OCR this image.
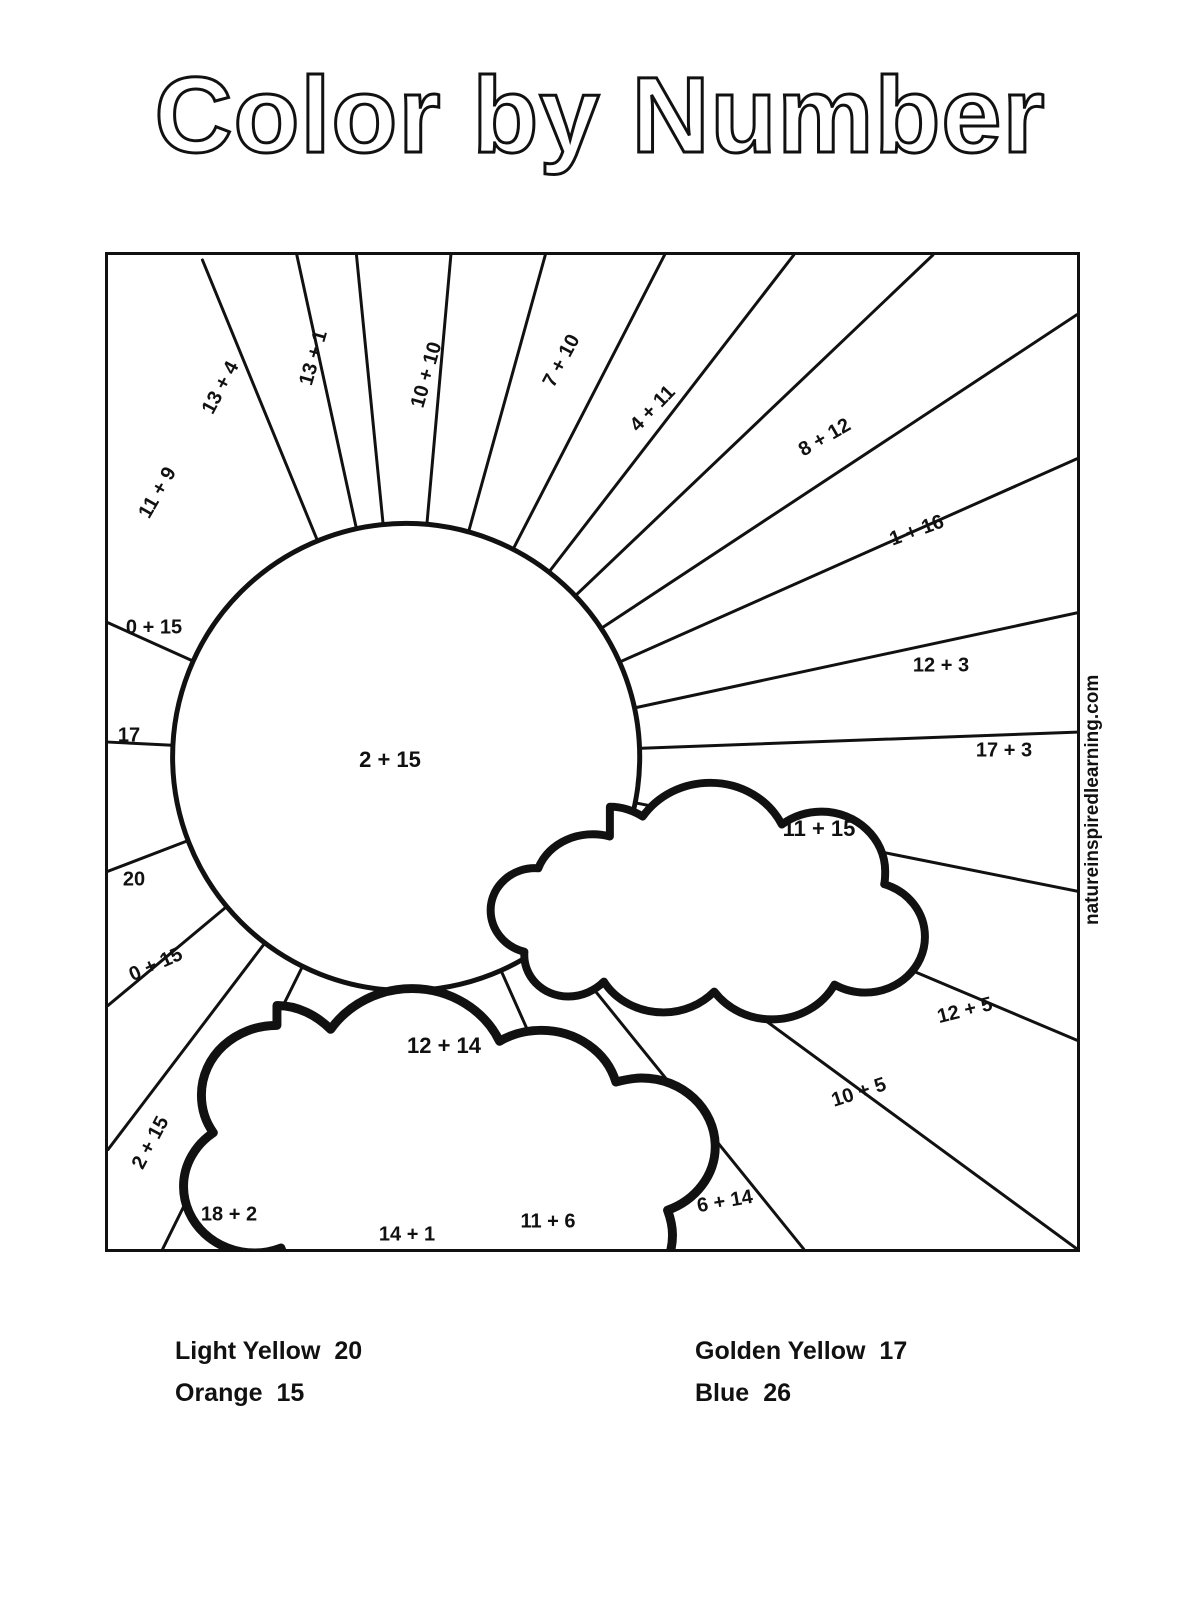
Color by Number
13 + 4	13 + 1	10 + 10	7 + 10
4 + 11
8 + 12
1 + 16
11 + 9
0 + 15
17
20
0 + 15
2 + 15
12 + 3
17 + 3
12 + 5
10 + 5
6 + 14
18 + 2
14 + 1
11 + 6
2 + 15
11 + 15
12 + 14
natureinspiredlearning.com
Light Yellow 20	Golden Yellow 17
Orange 15	Blue 26
